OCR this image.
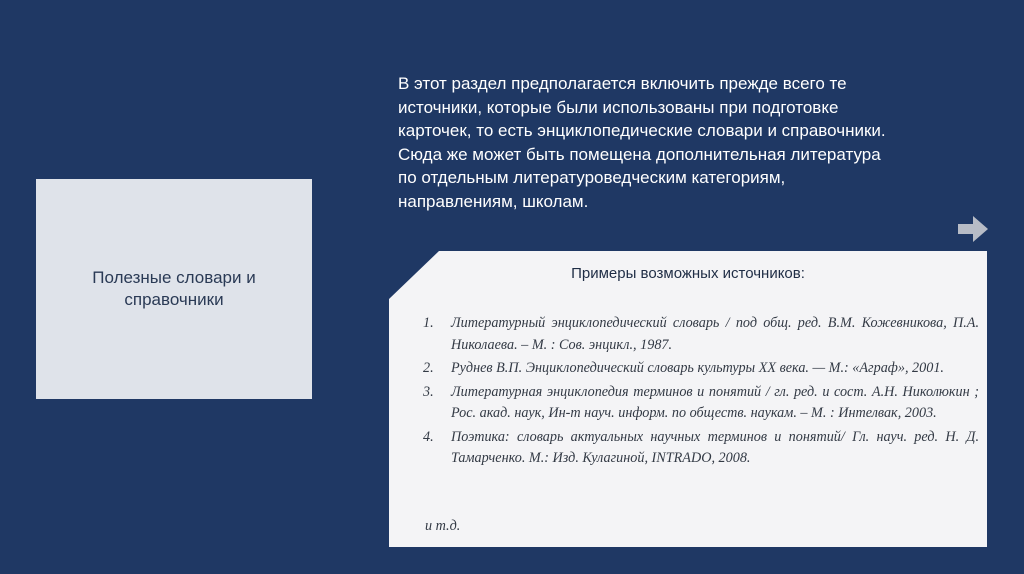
Полезные словари и справочники
В этот раздел предполагается включить прежде всего те
источники, которые были использованы при подготовке
карточек, то есть энциклопедические словари и справочники.
Сюда же может быть помещена дополнительная литература
по отдельным литературоведческим категориям,
направлениям, школам.
Примеры возможных источников:
1. Литературный энциклопедический словарь / под общ. ред. В.М. Кожевникова, П.А. Николаева. – М. : Сов. энцикл., 1987.
2. Руднев В.П. Энциклопедический словарь культуры XX века. — М.: «Аграф», 2001.
3. Литературная энциклопедия терминов и понятий / гл. ред. и сост. А.Н. Николюкин ; Рос. акад. наук, Ин-т науч. информ. по обществ. наукам. – М. : Интелвак, 2003.
4. Поэтика: словарь актуальных научных терминов и понятий/ Гл. науч. ред. Н. Д. Тамарченко. М.: Изд. Кулагиной, INTRADO, 2008.
и т.д.
